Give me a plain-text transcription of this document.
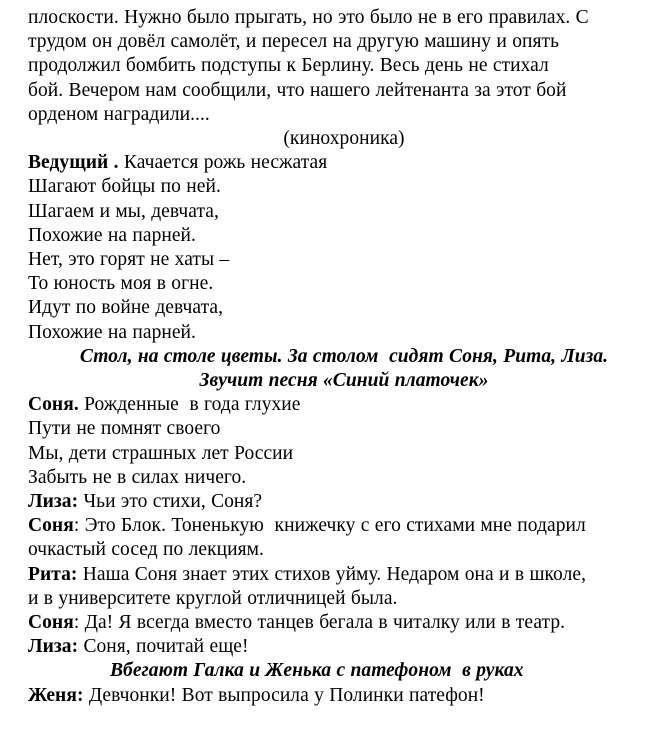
плоскости. Нужно было прыгать, но это было не в его правилах. С
трудом он довёл самолёт, и пересел на другую машину и опять
продолжил бомбить подступы к Берлину. Весь день не стихал
бой. Вечером нам сообщили, что нашего лейтенанта за этот бой
орденом наградили....
(кинохроника)
Ведущий . Качается рожь несжатая
Шагают бойцы по ней.
Шагаем и мы, девчата,
Похожие на парней.
Нет, это горят не хаты –
То юность моя в огне.
Идут по войне девчата,
Похожие на парней.
Стол, на столе цветы. За столом  сидят Соня, Рита, Лиза.
Звучит песня «Синий платочек»
Соня. Рожденные  в года глухие
Пути не помнят своего
Мы, дети страшных лет России
Забыть не в силах ничего.
Лиза: Чьи это стихи, Соня?
Соня: Это Блок. Тоненькую  книжечку с его стихами мне подарил
очкастый сосед по лекциям.
Рита: Наша Соня знает этих стихов уйму. Недаром она и в школе,
и в университете круглой отличницей была.
Соня: Да! Я всегда вместо танцев бегала в читалку или в театр.
Лиза: Соня, почитай еще!
Вбегают Галка и Женька с патефоном  в руках
Женя: Девчонки! Вот выпросила у Полинки патефон!
